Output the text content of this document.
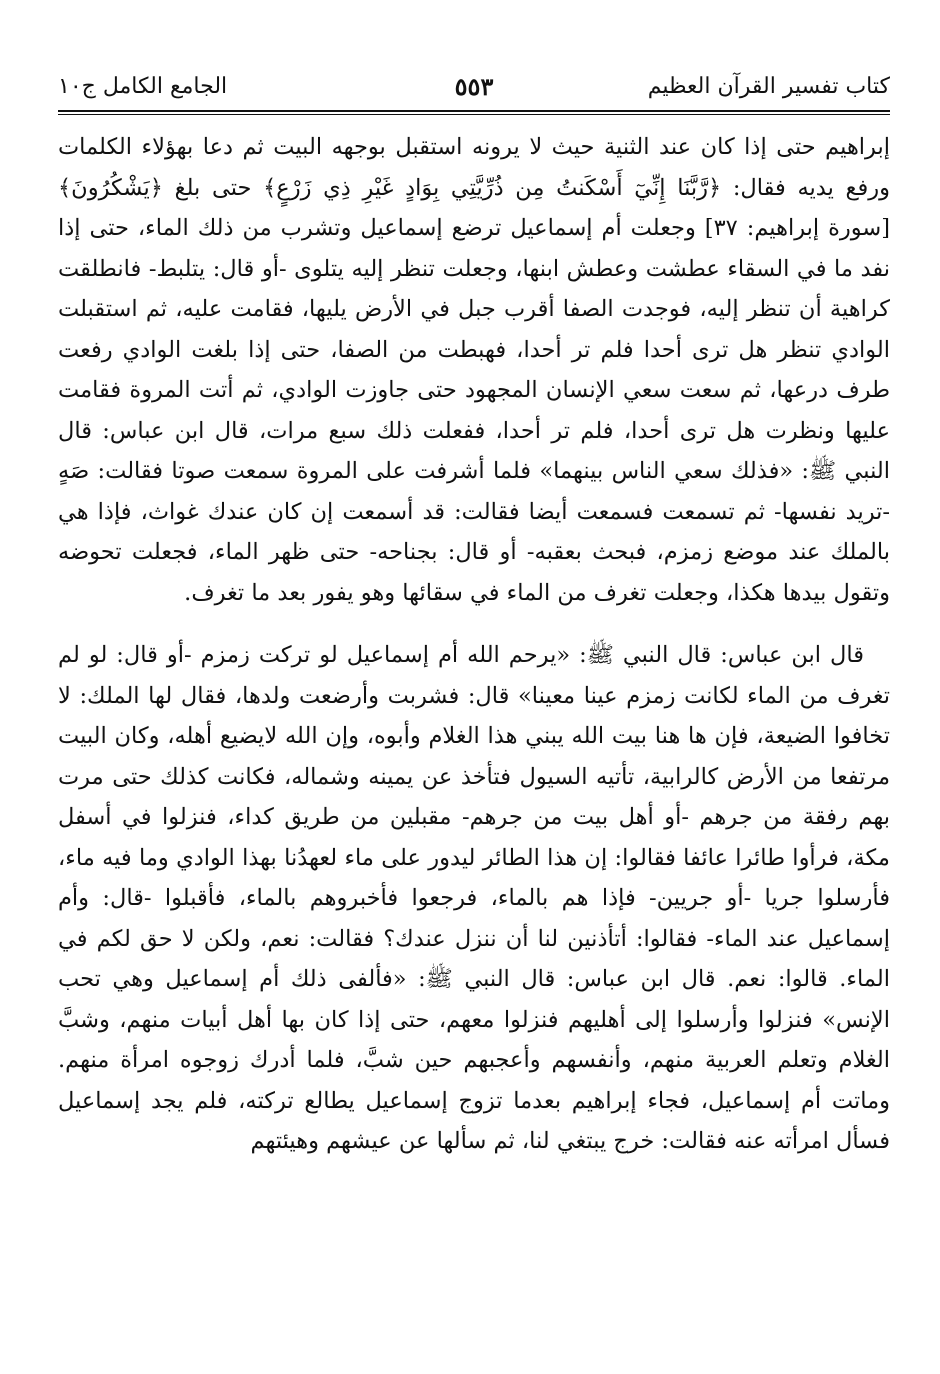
كتاب تفسير القرآن العظيم
٥٥٣
الجامع الكامل ج١٠

إبراهيم حتى إذا كان عند الثنية حيث لا يرونه استقبل بوجهه البيت ثم دعا بهؤلاء الكلمات ورفع يديه فقال: ﴿رَّبَّنَا إِنِّيٓ أَسْكَنتُ مِن ذُرِّيَّتِي بِوَادٍ غَيْرِ ذِي زَرْعٍ﴾ حتى بلغ ﴿يَشْكُرُونَ﴾ [سورة إبراهيم: ٣٧] وجعلت أم إسماعيل ترضع إسماعيل وتشرب من ذلك الماء، حتى إذا نفد ما في السقاء عطشت وعطش ابنها، وجعلت تنظر إليه يتلوى -أو قال: يتلبط- فانطلقت كراهية أن تنظر إليه، فوجدت الصفا أقرب جبل في الأرض يليها، فقامت عليه، ثم استقبلت الوادي تنظر هل ترى أحدا فلم تر أحدا، فهبطت من الصفا، حتى إذا بلغت الوادي رفعت طرف درعها، ثم سعت سعي الإنسان المجهود حتى جاوزت الوادي، ثم أتت المروة فقامت عليها ونظرت هل ترى أحدا، فلم تر أحدا، ففعلت ذلك سبع مرات، قال ابن عباس: قال النبي ﷺ: «فذلك سعي الناس بينهما» فلما أشرفت على المروة سمعت صوتا فقالت: صَهٍ -تريد نفسها- ثم تسمعت فسمعت أيضا فقالت: قد أسمعت إن كان عندك غواث، فإذا هي بالملك عند موضع زمزم، فبحث بعقبه- أو قال: بجناحه- حتى ظهر الماء، فجعلت تحوضه وتقول بيدها هكذا، وجعلت تغرف من الماء في سقائها وهو يفور بعد ما تغرف.

قال ابن عباس: قال النبي ﷺ: «يرحم الله أم إسماعيل لو تركت زمزم -أو قال: لو لم تغرف من الماء لكانت زمزم عينا معينا» قال: فشربت وأرضعت ولدها، فقال لها الملك: لا تخافوا الضيعة، فإن ها هنا بيت الله يبني هذا الغلام وأبوه، وإن الله لايضيع أهله، وكان البيت مرتفعا من الأرض كالرابية، تأتيه السيول فتأخذ عن يمينه وشماله، فكانت كذلك حتى مرت بهم رفقة من جرهم -أو أهل بيت من جرهم- مقبلين من طريق كداء، فنزلوا في أسفل مكة، فرأوا طائرا عائفا فقالوا: إن هذا الطائر ليدور على ماء لعهدُنا بهذا الوادي وما فيه ماء، فأرسلوا جريا -أو جريين- فإذا هم بالماء، فرجعوا فأخبروهم بالماء، فأقبلوا -قال: وأم إسماعيل عند الماء- فقالوا: أتأذنين لنا أن ننزل عندك؟ فقالت: نعم، ولكن لا حق لكم في الماء. قالوا: نعم. قال ابن عباس: قال النبي ﷺ: «فألفى ذلك أم إسماعيل وهي تحب الإنس» فنزلوا وأرسلوا إلى أهليهم فنزلوا معهم، حتى إذا كان بها أهل أبيات منهم، وشبَّ الغلام وتعلم العربية منهم، وأنفسهم وأعجبهم حين شبَّ، فلما أدرك زوجوه امرأة منهم. وماتت أم إسماعيل، فجاء إبراهيم بعدما تزوج إسماعيل يطالع تركته، فلم يجد إسماعيل فسأل امرأته عنه فقالت: خرج يبتغي لنا، ثم سألها عن عيشهم وهيئتهم
